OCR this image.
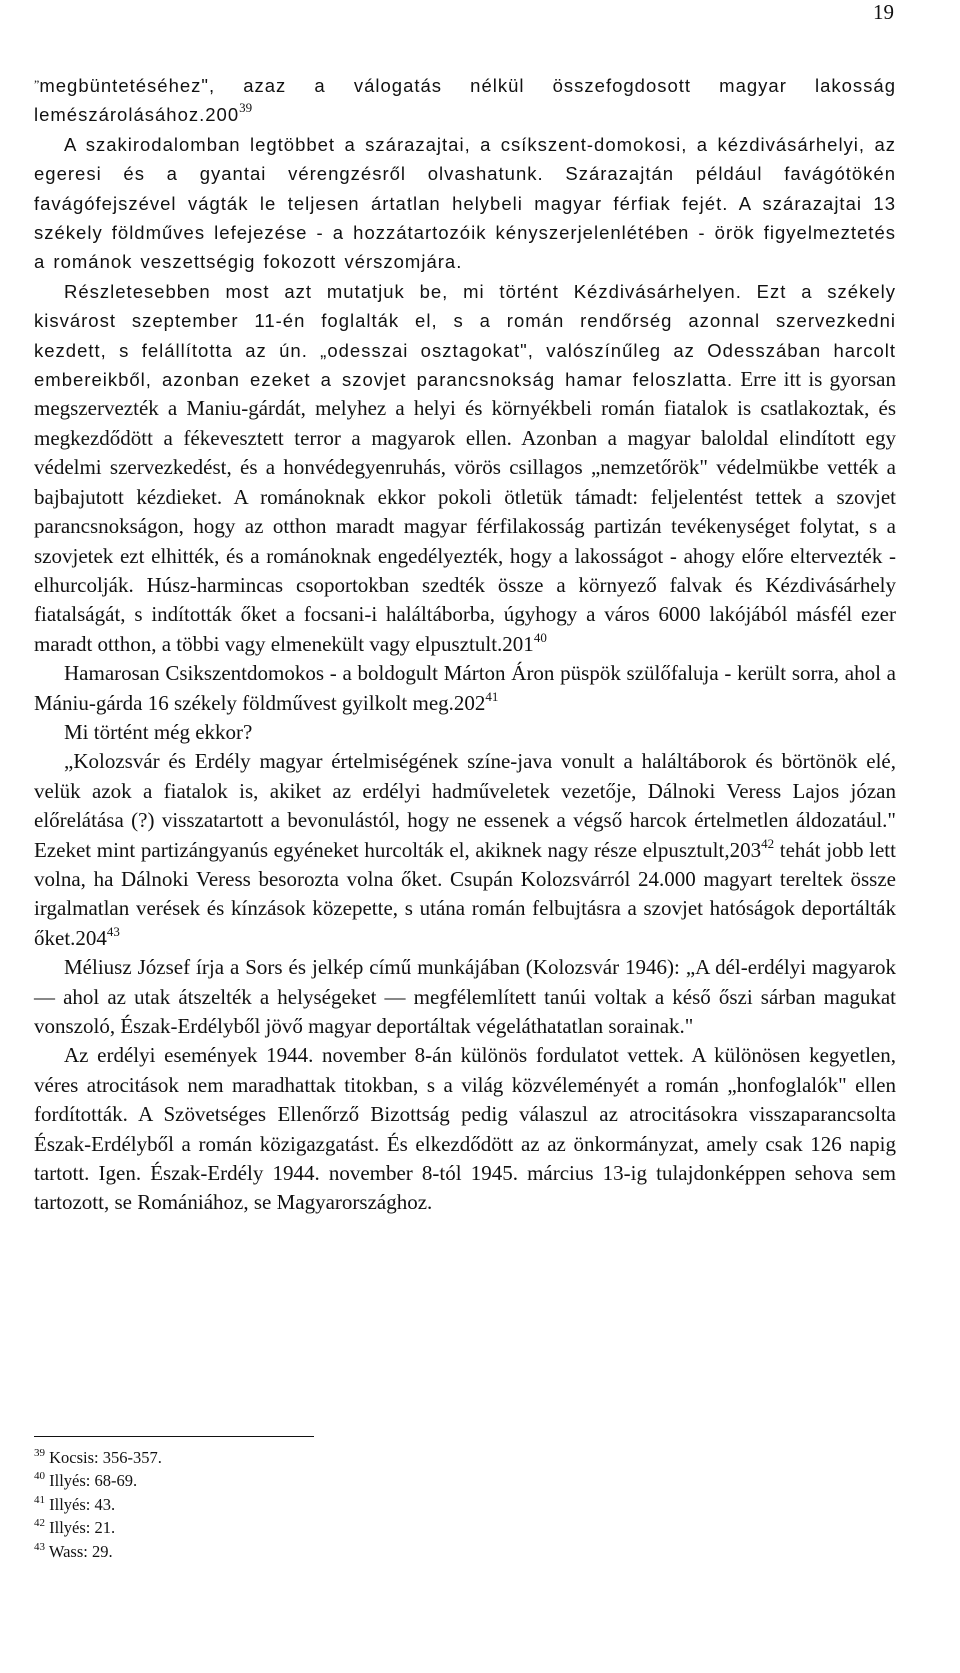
19

”megbüntetéséhez", azaz a válogatás nélkül összefogdosott magyar lakosság lemészárolásához.200$^{39}$

A szakirodalomban legtöbbet a szárazajtai, a csíkszent-domokosi, a kézdivásárhelyi, az egeresi és a gyantai vérengzésről olvashatunk. Szárazajtán például favágótökén favágófejszével vágták le teljesen ártatlan helybeli magyar férfiak fejét. A szárazajtai 13 székely földműves lefejezése - a hozzátartozóik kényszerjelenlétében - örök figyelmeztetés a románok veszettségig fokozott vérszomjára.

Részletesebben most azt mutatjuk be, mi történt Kézdivásárhelyen. Ezt a székely kisvárost szeptember 11-én foglalták el, s a román rendőrség azonnal szervezkedni kezdett, s felállította az ún. „odesszai osztagokat", valószínűleg az Odesszában harcolt embereikből, azonban ezeket a szovjet parancsnokság hamar feloszlatta. Erre itt is gyorsan megszervezték a Maniu-gárdát, melyhez a helyi és környékbeli román fiatalok is csatlakoztak, és megkezdődött a fékevesztett terror a magyarok ellen. Azonban a magyar baloldal elindított egy védelmi szervezkedést, és a honvédegyenruhás, vörös csillagos „nemzetőrök" védelmükbe vették a bajbajutott kézdieket. A románoknak ekkor pokoli ötletük támadt: feljelentést tettek a szovjet parancsnokságon, hogy az otthon maradt magyar férfilakosság partizán tevékenységet folytat, s a szovjetek ezt elhitték, és a románoknak engedélyezték, hogy a lakosságot - ahogy előre eltervezték - elhurcolják. Húsz-harmincas csoportokban szedték össze a környező falvak és Kézdivásárhely fiatalságát, s indították őket a focsani-i haláltáborba, úgyhogy a város 6000 lakójából másfél ezer maradt otthon, a többi vagy elmenekült vagy elpusztult.201$^{40}$

Hamarosan Csikszentdomokos - a boldogult Márton Áron püspök szülőfaluja - került sorra, ahol a Mániu-gárda 16 székely földművest gyilkolt meg.202$^{41}$

Mi történt még ekkor?

„Kolozsvár és Erdély magyar értelmiségének színe-java vonult a haláltáborok és börtönök elé, velük azok a fiatalok is, akiket az erdélyi hadműveletek vezetője, Dálnoki Veress Lajos józan előrelátása (?) visszatartott a bevonulástól, hogy ne essenek a végső harcok értelmetlen áldozatául." Ezeket mint partizángyanús egyéneket hurcolták el, akiknek nagy része elpusztult,203$^{42}$ tehát jobb lett volna, ha Dálnoki Veress besorozta volna őket. Csupán Kolozsvárról 24.000 magyart tereltek össze irgalmatlan verések és kínzások közepette, s utána román felbujtásra a szovjet hatóságok deportálták őket.204$^{43}$

Méliusz József írja a Sors és jelkép című munkájában (Kolozsvár 1946): „A dél-erdélyi magyarok — ahol az utak átszelték a helységeket — megfélemlített tanúi voltak a késő őszi sárban magukat vonszoló, Észak-Erdélyből jövő magyar deportáltak végeláthatatlan sorainak."

Az erdélyi események 1944. november 8-án különös fordulatot vettek. A különösen kegyetlen, véres atrocitások nem maradhattak titokban, s a világ közvéleményét a román „honfoglalók" ellen fordították. A Szövetséges Ellenőrző Bizottság pedig válaszul az atrocitásokra visszaparancsolta Észak-Erdélyből a román közigazgatást. És elkezdődött az az önkormányzat, amely csak 126 napig tartott. Igen. Észak-Erdély 1944. november 8-tól 1945. március 13-ig tulajdonképpen sehova sem tartozott, se Romániához, se Magyarországhoz.

$^{39}$ Kocsis: 356-357.

$^{40}$ Illyés: 68-69.

$^{41}$ Illyés: 43.

$^{42}$ Illyés: 21.

$^{43}$ Wass: 29.
